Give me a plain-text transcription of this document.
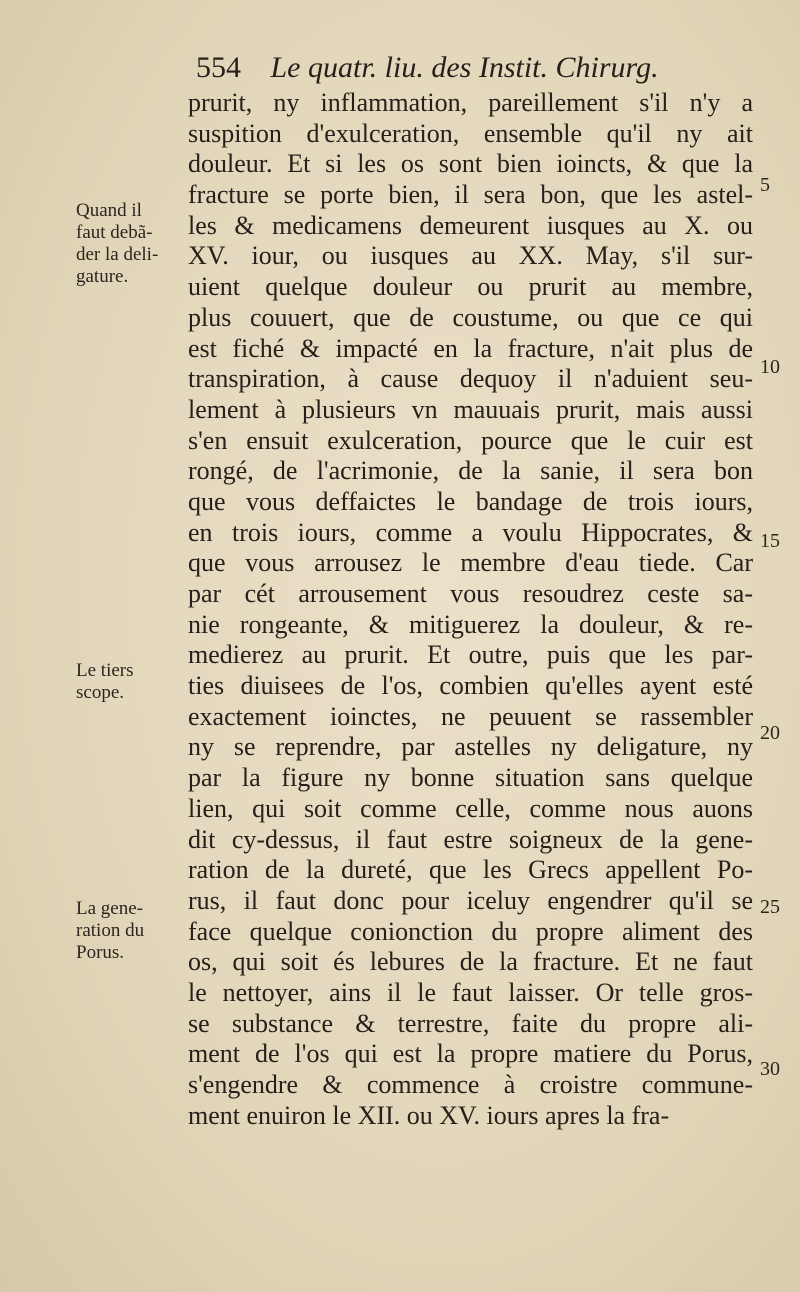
554 Le quatr. liu. des Instit. Chirurg.
prurit, ny inflammation, pareillement s'il n'y a
suspition d'exulceration, ensemble qu'il ny ait
douleur. Et si les os sont bien ioincts, & que la
fracture se porte bien, il sera bon, que les astel-
les & medicamens demeurent iusques au X. ou
XV. iour, ou iusques au XX. May, s'il sur-
uient quelque douleur ou prurit au membre,
plus couuert, que de coustume, ou que ce qui
est fiché & impacté en la fracture, n'ait plus de
transpiration, à cause dequoy il n'aduient seu-
lement à plusieurs vn mauuais prurit, mais aussi
s'en ensuit exulceration, pource que le cuir est
rongé, de l'acrimonie, de la sanie, il sera bon
que vous deffaictes le bandage de trois iours,
en trois iours, comme a voulu Hippocrates, &
que vous arrousez le membre d'eau tiede. Car
par cét arrousement vous resoudrez ceste sa-
nie rongeante, & mitiguerez la douleur, & re-
medierez au prurit. Et outre, puis que les par-
ties diuisees de l'os, combien qu'elles ayent esté
exactement ioinctes, ne peuuent se rassembler
ny se reprendre, par astelles ny deligature, ny
par la figure ny bonne situation sans quelque
lien, qui soit comme celle, comme nous auons
dit cy-dessus, il faut estre soigneux de la gene-
ration de la dureté, que les Grecs appellent Po-
rus, il faut donc pour iceluy engendrer qu'il se
face quelque conionction du propre aliment des
os, qui soit és lebures de la fracture. Et ne faut
le nettoyer, ains il le faut laisser. Or telle gros-
se substance & terrestre, faite du propre ali-
ment de l'os qui est la propre matiere du Porus,
s'engendre & commence à croistre commune-
ment enuiron le XII. ou XV. iours apres la fra-
Quand il
faut debã-
der la deli-
gature.
Le tiers
scope.
La gene-
ration du
Porus.
5
10
15
20
25
30
